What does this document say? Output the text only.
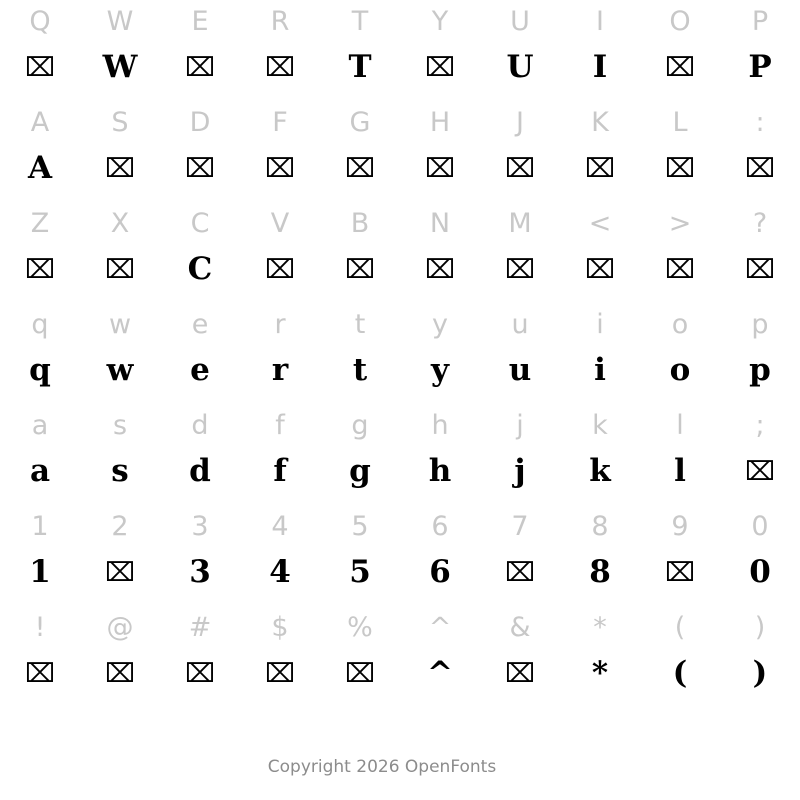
Q	W	E	R	T	Y	U	I	O	P
⌧	W	⌧	⌧	T	⌧	U	I	⌧	P
A	S	D	F	G	H	J	K	L	:
A	⌧	⌧	⌧	⌧	⌧	⌧	⌧	⌧	⌧
Z	X	C	V	B	N	M	<	>	?
⌧	⌧	C	⌧	⌧	⌧	⌧	⌧	⌧	⌧
q	w	e	r	t	y	u	i	o	p
q	w	e	r	t	y	u	i	o	p
a	s	d	f	g	h	j	k	l	;
a	s	d	f	g	h	j	k	l	⌧
1	2	3	4	5	6	7	8	9	0
1	⌧	3	4	5	6	⌧	8	⌧	0
!	@	#	$	%	^	&	*	(	)
⌧	⌧	⌧	⌧	⌧	^	⌧	*	(	)
Copyright 2026 OpenFonts
